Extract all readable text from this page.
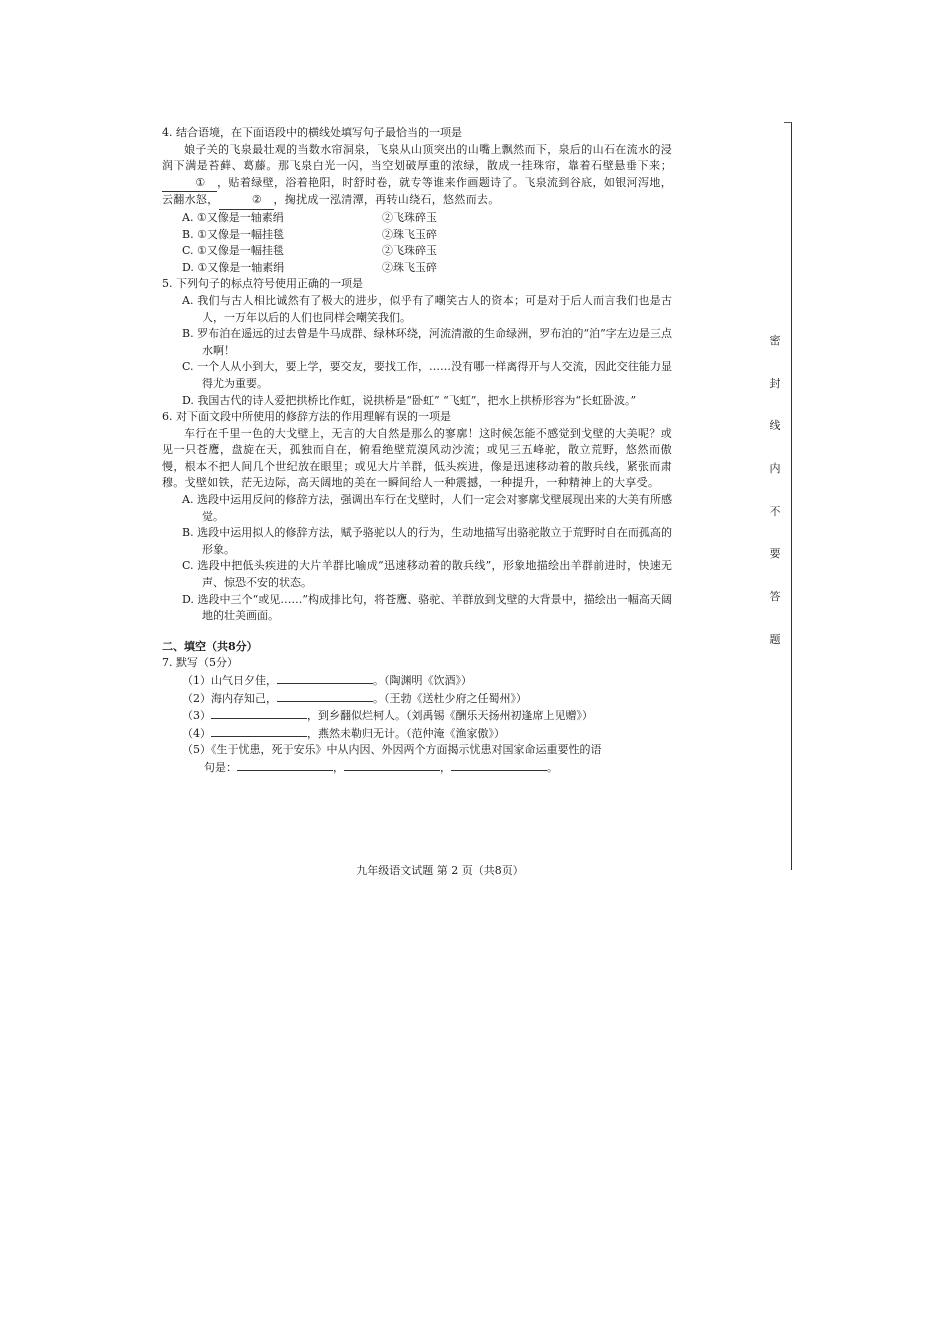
4. 结合语境，在下面语段中的横线处填写句子最恰当的一项是

娘子关的飞泉最壮观的当数水帘洞泉，飞泉从山顶突出的山嘴上飘然而下，泉后的山石在流水的浸润下满是苔藓、葛藤。那飞泉白光一闪，当空划破厚重的浓绿，散成一挂珠帘，靠着石壁悬垂下来；① ，贴着绿壁，浴着艳阳，时舒时卷，就专等谁来作画题诗了。飞泉流到谷底，如银河泻地，云翻水怒，	② ，掬扰成一泓清潭，再转山绕石，悠然而去。

A. ①又像是一轴素绢	②飞珠碎玉
B. ①又像是一幅挂毯	②珠飞玉碎
C. ①又像是一幅挂毯	②飞珠碎玉
D. ①又像是一轴素绢	②珠飞玉碎

5. 下列句子的标点符号使用正确的一项是

A. 我们与古人相比诚然有了极大的进步，似乎有了嘲笑古人的资本；可是对于后人而言我们也是古人，一万年以后的人们也同样会嘲笑我们。
B. 罗布泊在遥远的过去曾是牛马成群、绿林环绕，河流清澈的生命绿洲，罗布泊的“泊”字左边是三点水啊！
C. 一个人从小到大，要上学，要交友，要找工作，……没有哪一样离得开与人交流，因此交往能力显得尤为重要。
D. 我国古代的诗人爱把拱桥比作虹，说拱桥是“卧虹” “飞虹”，把水上拱桥形容为“长虹卧波。”

6. 对下面文段中所使用的修辞方法的作用理解有误的一项是

车行在千里一色的大戈壁上，无言的大自然是那么的寥廓！这时候怎能不感觉到戈壁的大美呢？或见一只苍鹰，盘旋在天，孤独而自在，俯看绝壁荒漠风动沙流；或见三五峰驼，散立荒野，悠然而傲慢，根本不把人间几个世纪放在眼里；或见大片羊群，低头疾进，像是迅速移动着的散兵线，紧张而肃穆。戈壁如铁，茫无边际，高天阔地的美在一瞬间给人一种震撼，一种提升，一种精神上的大享受。

A. 选段中运用反问的修辞方法，强调出车行在戈壁时，人们一定会对寥廓戈壁展现出来的大美有所感觉。
B. 选段中运用拟人的修辞方法，赋予骆驼以人的行为，生动地描写出骆驼散立于荒野时自在而孤高的形象。
C. 选段中把低头疾进的大片羊群比喻成“迅速移动着的散兵线”，形象地描绘出羊群前进时，快速无声、惊恐不安的状态。
D. 选段中三个“或见……”构成排比句，将苍鹰、骆驼、羊群放到戈壁的大背景中，描绘出一幅高天阔地的壮美画面。
二、填空（共8分）

7. 默写（5分）

（1）山气日夕佳，	。（陶渊明《饮酒》）
（2）海内存知己，	。（王勃《送杜少府之任蜀州》）
（3）	，到乡翻似烂柯人。（刘禹锡《酬乐天扬州初逢席上见赠》）
（4）	，燕然未勒归无计。（范仲淹《渔家傲》）
（5）《生于忧患，死于安乐》中从内因、外因两个方面揭示忧患对国家命运重要性的语
句是：	，	，	。
九年级语文试题 第 2 页（共8页）
密
封
线
内
不
要
答
题
